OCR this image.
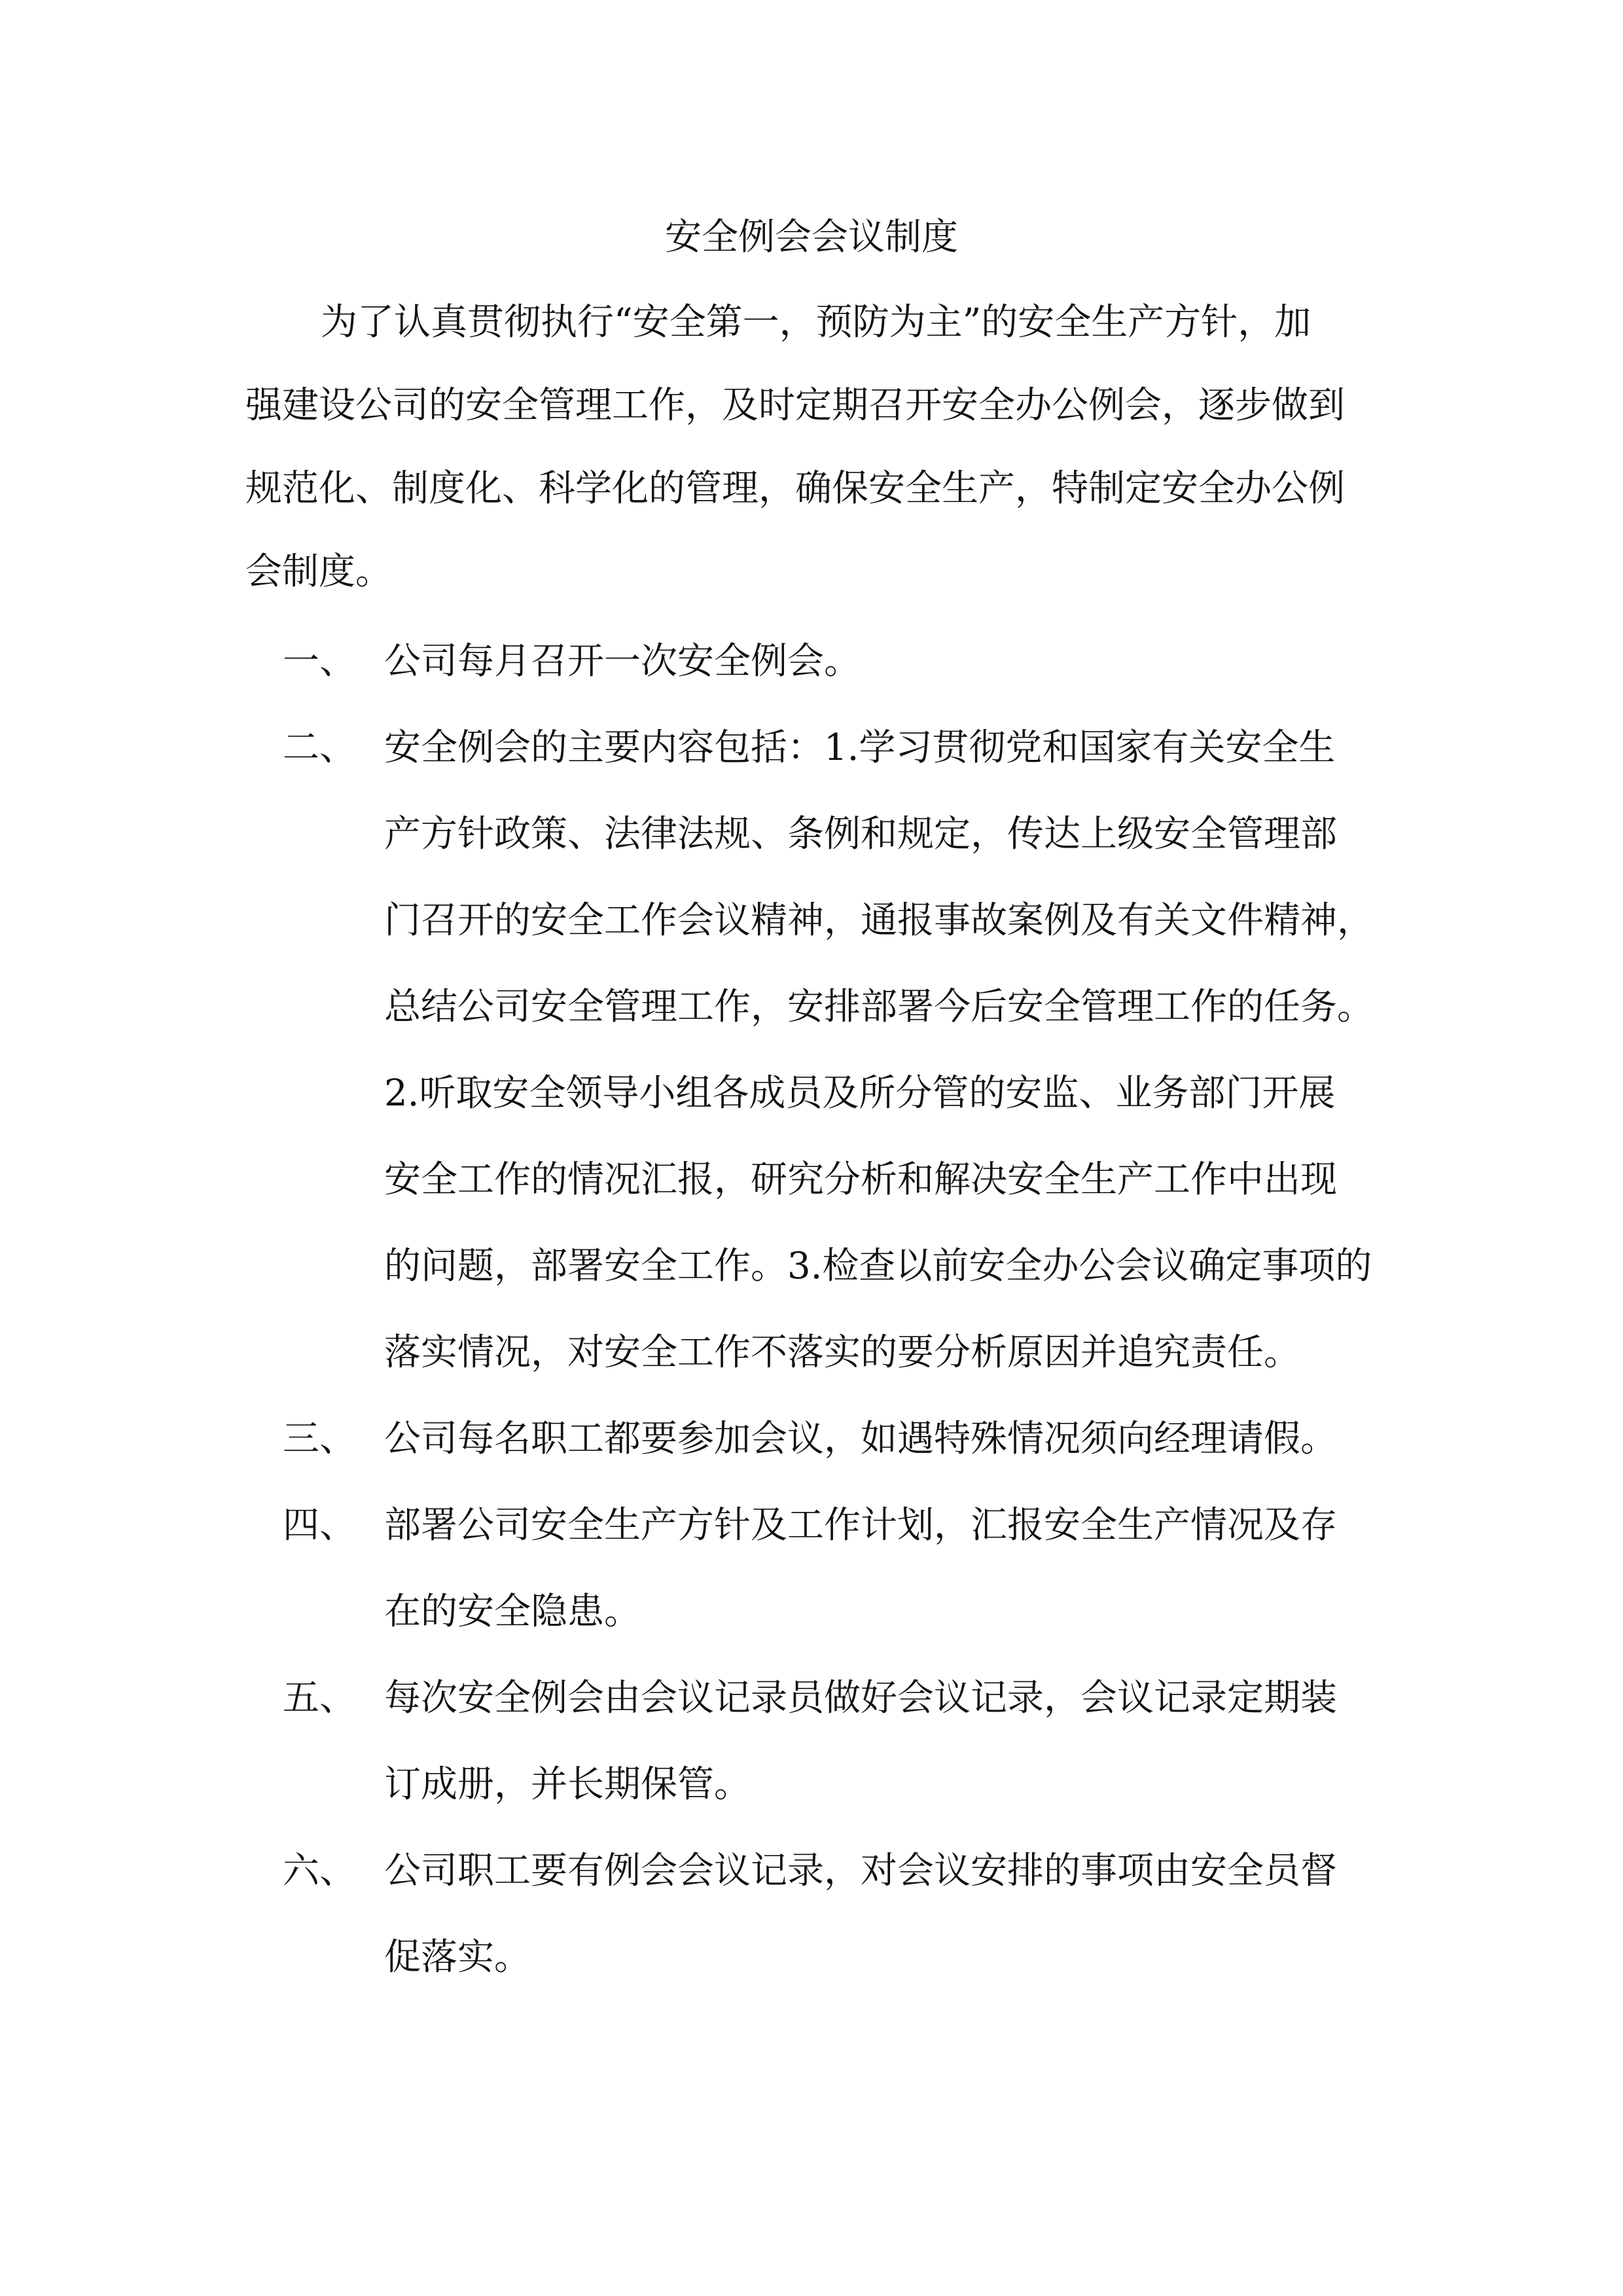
安全例会会议制度
为了认真贯彻执行“安全第一，预防为主”的安全生产方针，加
强建设公司的安全管理工作，及时定期召开安全办公例会，逐步做到
规范化、制度化、科学化的管理，确保安全生产，特制定安全办公例
会制度。
一、 公司每月召开一次安全例会。
二、 安全例会的主要内容包括：1.学习贯彻党和国家有关安全生
产方针政策、法律法规、条例和规定，传达上级安全管理部
门召开的安全工作会议精神，通报事故案例及有关文件精神，
总结公司安全管理工作，安排部署今后安全管理工作的任务。
2.听取安全领导小组各成员及所分管的安监、业务部门开展
安全工作的情况汇报，研究分析和解决安全生产工作中出现
的问题，部署安全工作。3.检查以前安全办公会议确定事项的
落实情况，对安全工作不落实的要分析原因并追究责任。
三、 公司每名职工都要参加会议，如遇特殊情况须向经理请假。
四、 部署公司安全生产方针及工作计划，汇报安全生产情况及存
在的安全隐患。
五、 每次安全例会由会议记录员做好会议记录，会议记录定期装
订成册，并长期保管。
六、 公司职工要有例会会议记录，对会议安排的事项由安全员督
促落实。
